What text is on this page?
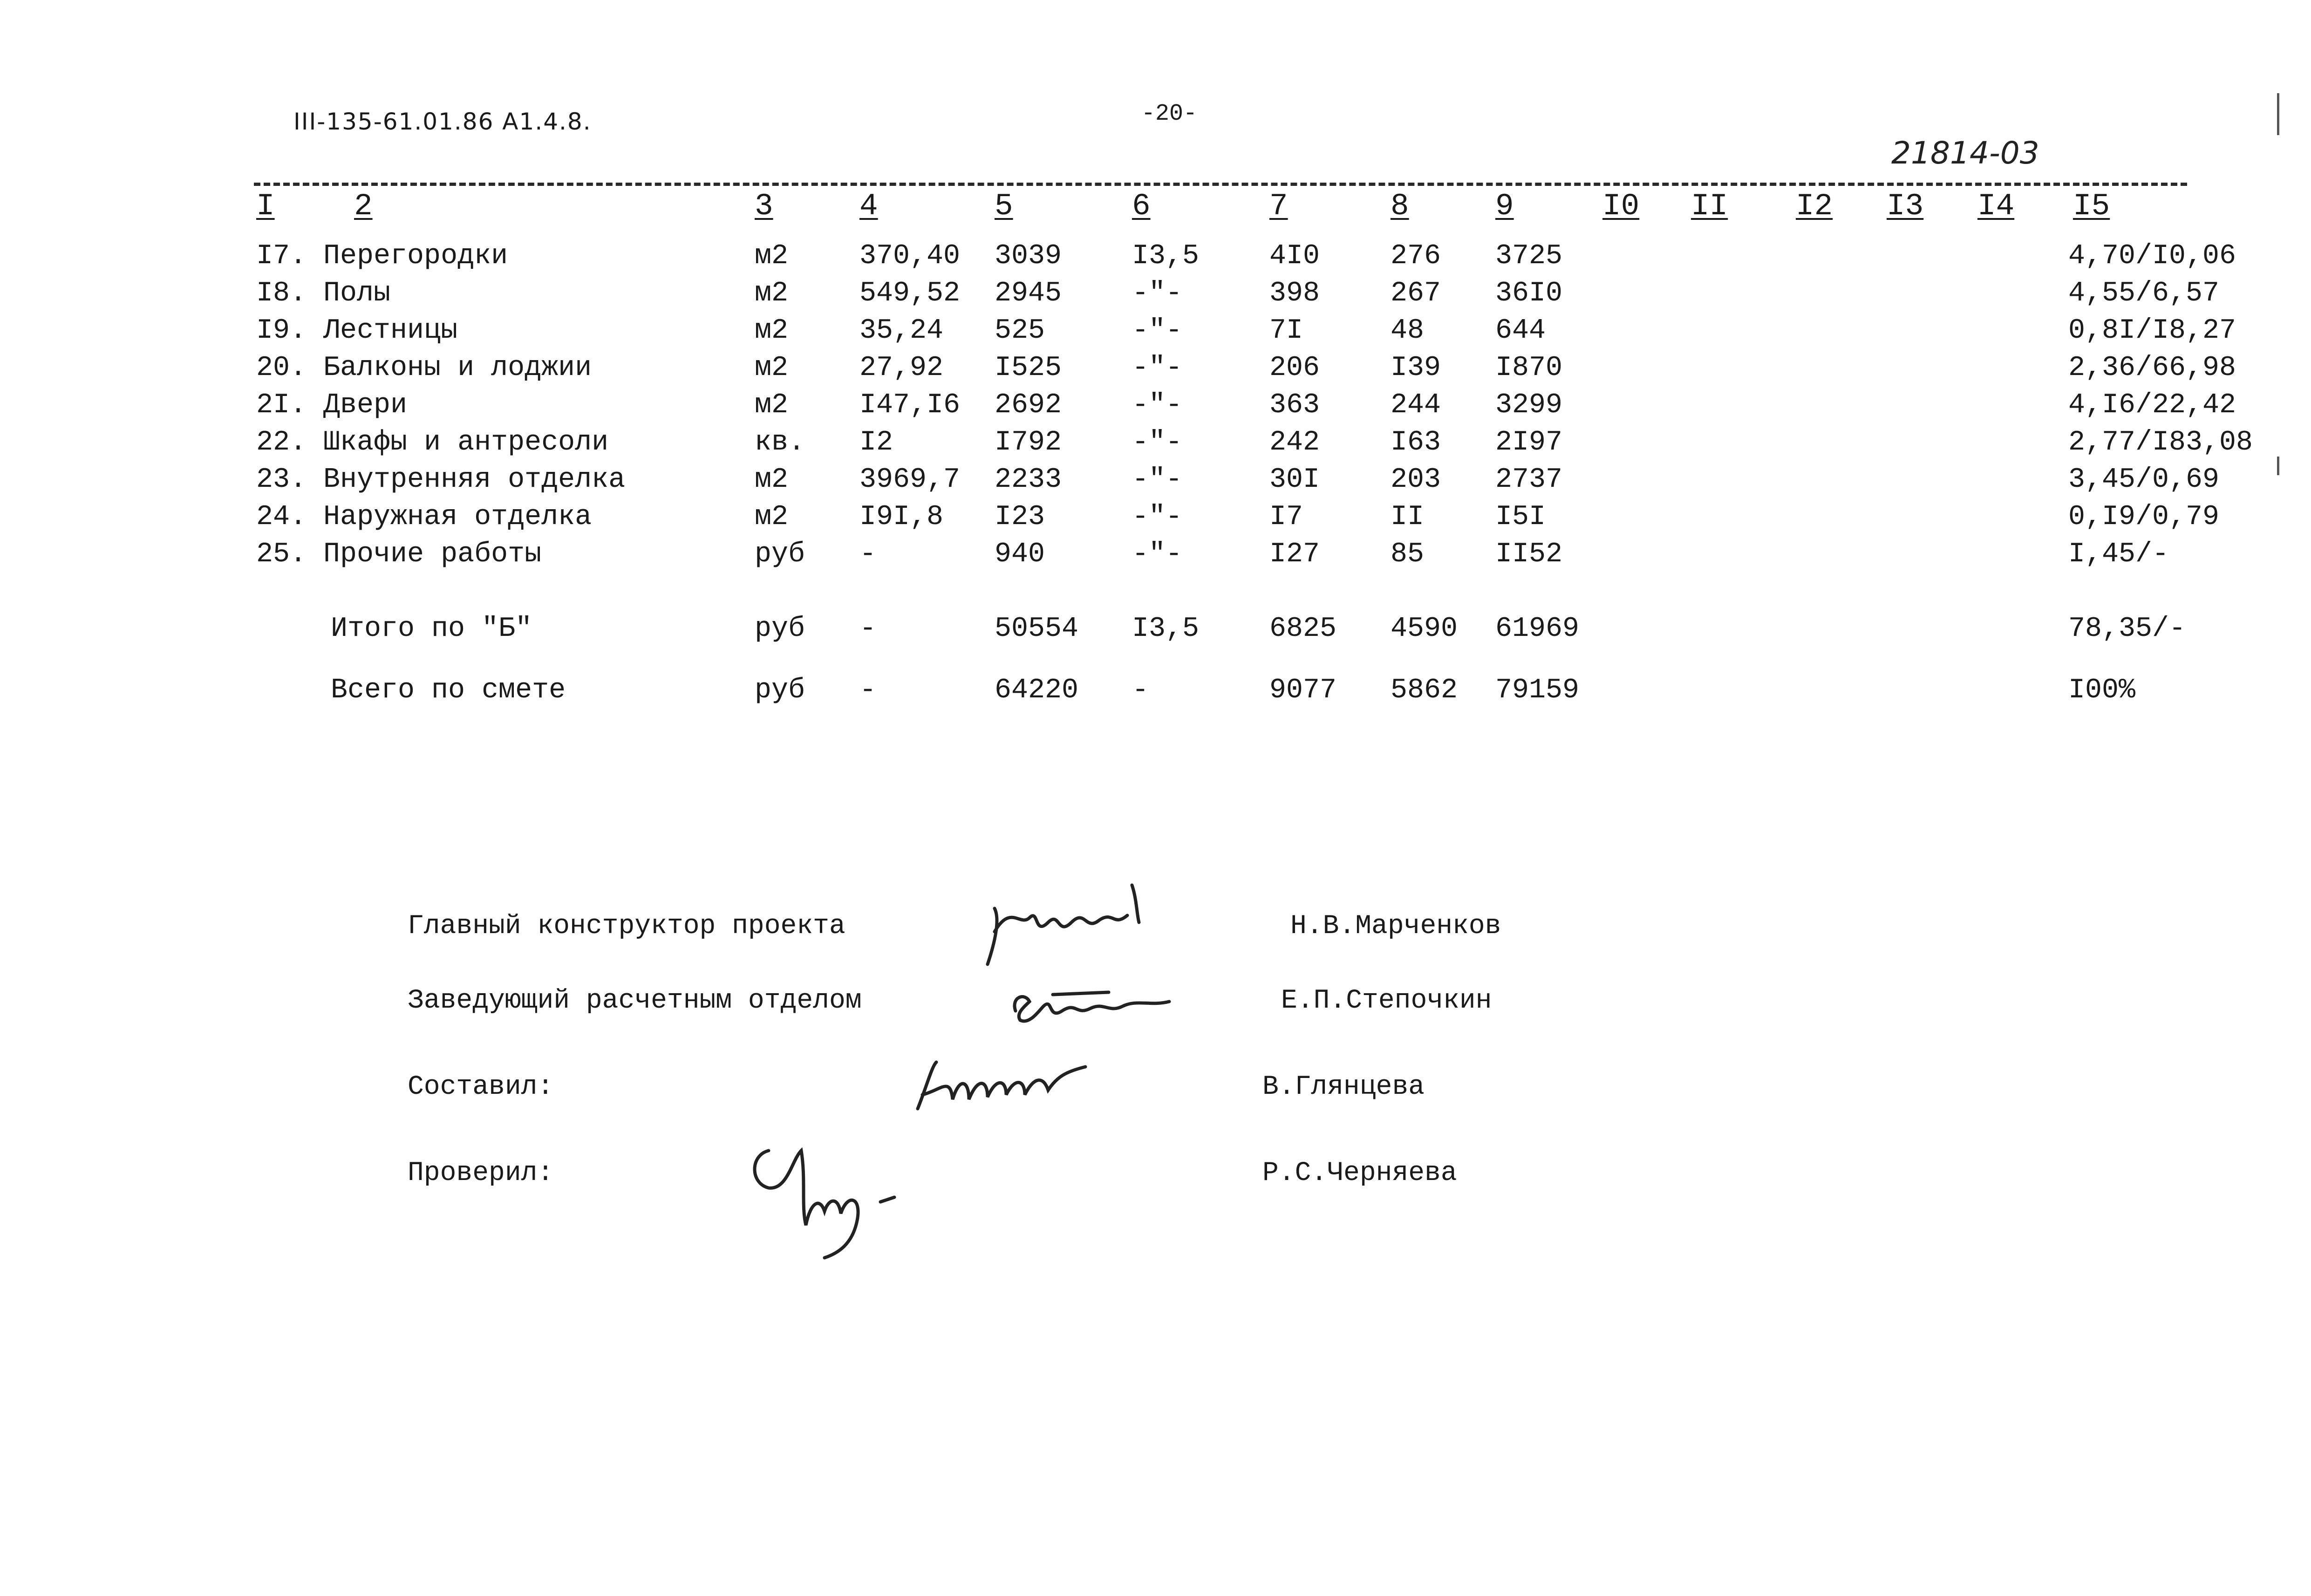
III-135-61.01.86 A1.4.8.	-20-
21814-03
I	2	3	4	5	6	7	8	9	I0 II I2 I3 I4 I5
I7. Перегородки	м2	370,40 3039	I3,5	4I0	276 3725	4,70/I0,06
I8. Полы	м2	549,52 2945	-"-	398	267 36I0	4,55/6,57
I9. Лестницы	м2	35,24 525	-"-	7I	48	644	0,8I/I8,27
20. Балконы и лоджии	м2	27,92 I525	-"-	206	I39 I870	2,36/66,98
2I. Двери	м2	I47,I6 2692	-"-	363	244 3299	4,I6/22,42
22. Шкафы и антресоли	кв. I2	I792	-"-	242	I63 2I97	2,77/I83,08
23. Внутренняя отделка	м2	3969,7 2233	-"-	30I	203 2737	3,45/0,69
24. Наружная отделка	м2	I9I,8 I23	-"-	I7	II	I5I	0,I9/0,79
25. Прочие работы	руб -	940	-"-	I27	85	II52	I,45/-
Итого по "Б"	руб -	50554 I3,5	6825 4590 61969	78,35/-
Всего по смете	руб -	64220 -	9077 5862 79159	I00%
Главный конструктор проекта	Н.В.Марченков
Заведующий расчетным отделом	Е.П.Степочкин
Составил:	В.Глянцева
Проверил:	Р.С.Черняева
